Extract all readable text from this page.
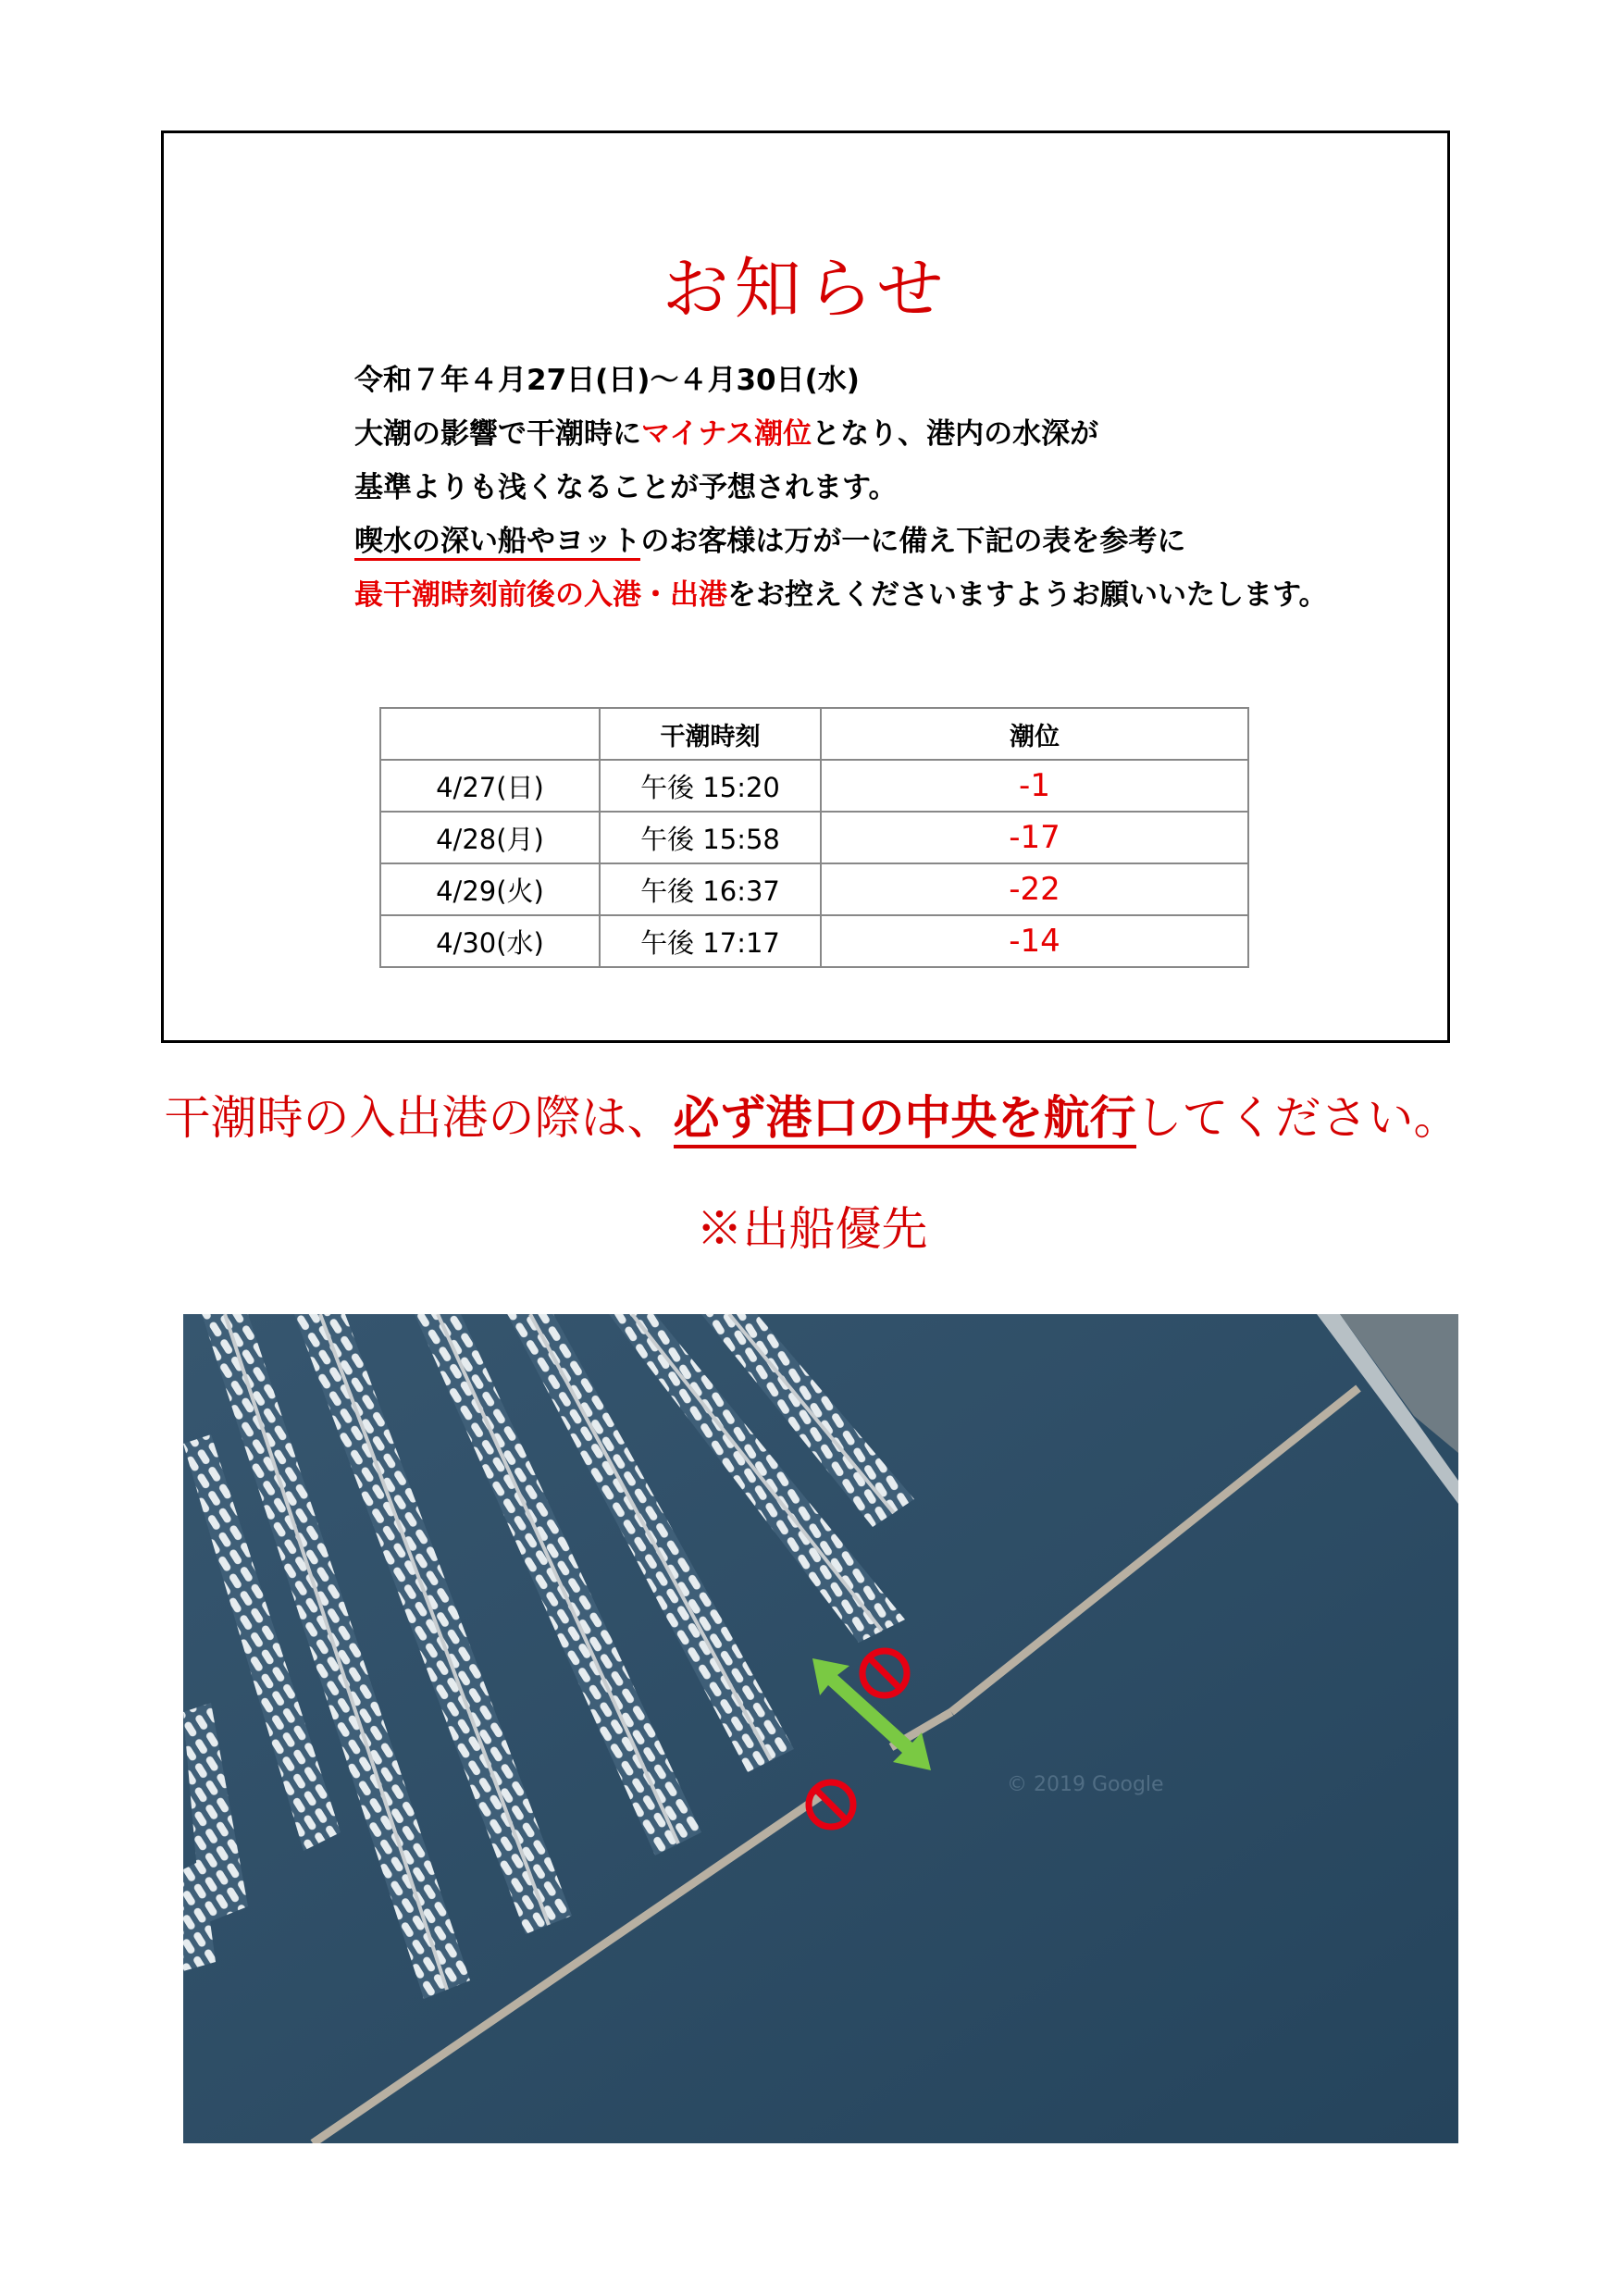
お知らせ
令和７年４月27日(日)～４月30日(水)
大潮の影響で干潮時にマイナス潮位となり、港内の水深が
基準よりも浅くなることが予想されます。
喫水の深い船やヨットのお客様は万が一に備え下記の表を参考に
最干潮時刻前後の入港・出港をお控えくださいますようお願いいたします。
	干潮時刻	潮位
4/27(日)	午後 15:20	-1
4/28(月)	午後 15:58	-17
4/29(火)	午後 16:37	-22
4/30(水)	午後 17:17	-14
干潮時の入出港の際は、必ず港口の中央を航行してください。
※出船優先
© 2019 Google
